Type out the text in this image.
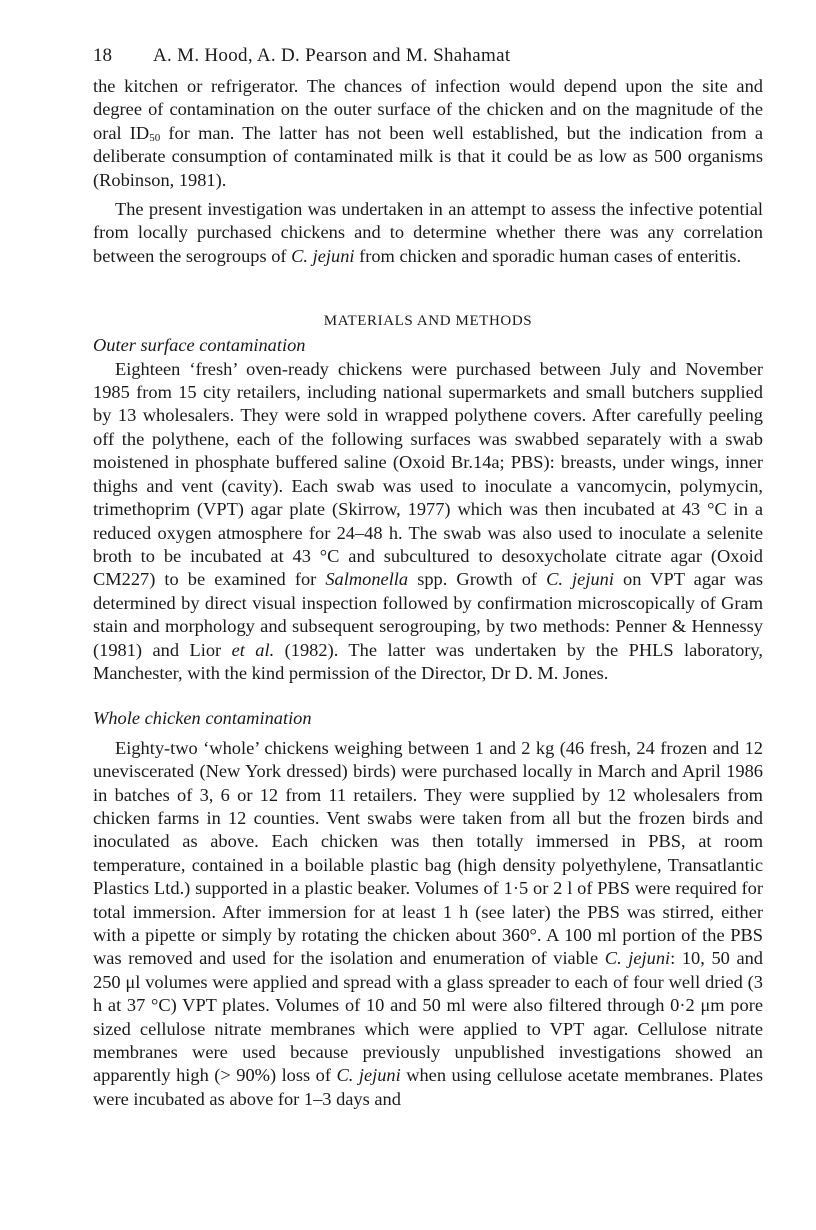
18	A. M. Hood, A. D. Pearson and M. Shahamat

the kitchen or refrigerator. The chances of infection would depend upon the site and degree of contamination on the outer surface of the chicken and on the magnitude of the oral $ID_{50}$ for man. The latter has not been well established, but the indication from a deliberate consumption of contaminated milk is that it could be as low as 500 organisms (Robinson, 1981).

The present investigation was undertaken in an attempt to assess the infective potential from locally purchased chickens and to determine whether there was any correlation between the serogroups of C. jejuni from chicken and sporadic human cases of enteritis.

MATERIALS AND METHODS

Outer surface contamination

Eighteen ‘fresh’ oven-ready chickens were purchased between July and November 1985 from 15 city retailers, including national supermarkets and small butchers supplied by 13 wholesalers. They were sold in wrapped polythene covers. After carefully peeling off the polythene, each of the following surfaces was swabbed separately with a swab moistened in phosphate buffered saline (Oxoid Br.14a; PBS): breasts, under wings, inner thighs and vent (cavity). Each swab was used to inoculate a vancomycin, polymycin, trimethoprim (VPT) agar plate (Skirrow, 1977) which was then incubated at 43 °C in a reduced oxygen atmosphere for 24–48 h. The swab was also used to inoculate a selenite broth to be incubated at 43 °C and subcultured to desoxycholate citrate agar (Oxoid CM227) to be examined for Salmonella spp. Growth of C. jejuni on VPT agar was determined by direct visual inspection followed by confirmation microscopically of Gram stain and morphology and subsequent serogrouping, by two methods: Penner & Hennessy (1981) and Lior et al. (1982). The latter was undertaken by the PHLS laboratory, Manchester, with the kind permission of the Director, Dr D. M. Jones.

Whole chicken contamination

Eighty-two ‘whole’ chickens weighing between 1 and 2 kg (46 fresh, 24 frozen and 12 uneviscerated (New York dressed) birds) were purchased locally in March and April 1986 in batches of 3, 6 or 12 from 11 retailers. They were supplied by 12 wholesalers from chicken farms in 12 counties. Vent swabs were taken from all but the frozen birds and inoculated as above. Each chicken was then totally immersed in PBS, at room temperature, contained in a boilable plastic bag (high density polyethylene, Transatlantic Plastics Ltd.) supported in a plastic beaker. Volumes of 1·5 or 2 l of PBS were required for total immersion. After immersion for at least 1 h (see later) the PBS was stirred, either with a pipette or simply by rotating the chicken about 360°. A 100 ml portion of the PBS was removed and used for the isolation and enumeration of viable C. jejuni: 10, 50 and 250 μl volumes were applied and spread with a glass spreader to each of four well dried (3 h at 37 °C) VPT plates. Volumes of 10 and 50 ml were also filtered through 0·2 μm pore sized cellulose nitrate membranes which were applied to VPT agar. Cellulose nitrate membranes were used because previously unpublished investigations showed an apparently high (> 90%) loss of C. jejuni when using cellulose acetate membranes. Plates were incubated as above for 1–3 days and
